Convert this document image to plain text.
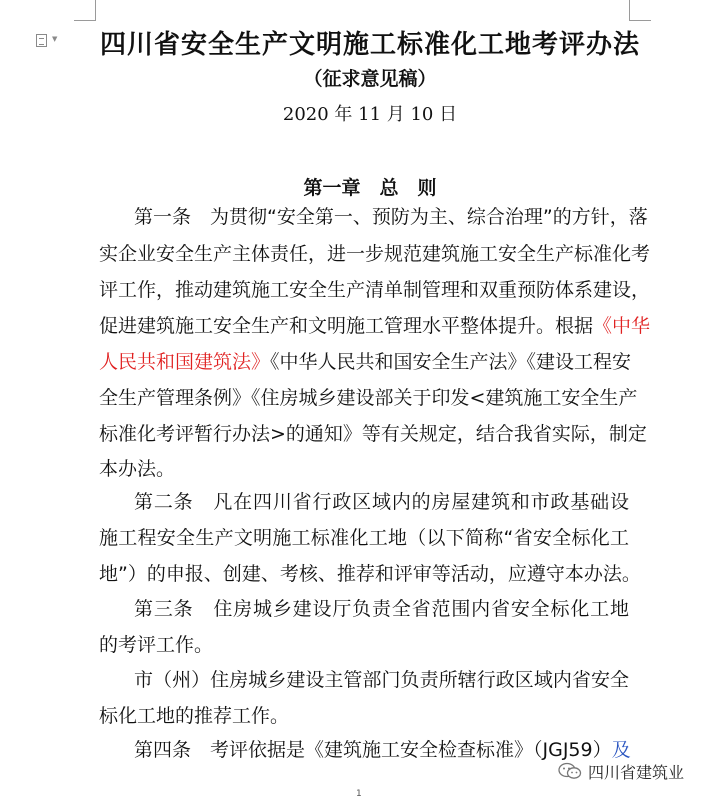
▼	四川省安全生产文明施工标准化工地考评办法
（征求意见稿）
2020 年 11 月 10 日
第一章　总　则
第一条　为贯彻“安全第一、预防为主、综合治理”的方针，落
实企业安全生产主体责任，进一步规范建筑施工安全生产标准化考
评工作，推动建筑施工安全生产清单制管理和双重预防体系建设，
促进建筑施工安全生产和文明施工管理水平整体提升。根据《中华
人民共和国建筑法》《中华人民共和国安全生产法》《建设工程安
全生产管理条例》《住房城乡建设部关于印发<建筑施工安全生产
标准化考评暂行办法>的通知》等有关规定，结合我省实际，制定
本办法。
第二条　凡在四川省行政区域内的房屋建筑和市政基础设
施工程安全生产文明施工标准化工地（以下简称“省安全标化工
地”）的申报、创建、考核、推荐和评审等活动，应遵守本办法。
第三条　住房城乡建设厅负责全省范围内省安全标化工地
的考评工作。
市（州）住房城乡建设主管部门负责所辖行政区域内省安全
标化工地的推荐工作。
第四条　考评依据是《建筑施工安全检查标准》（JGJ59）及
四川省建筑业
1
